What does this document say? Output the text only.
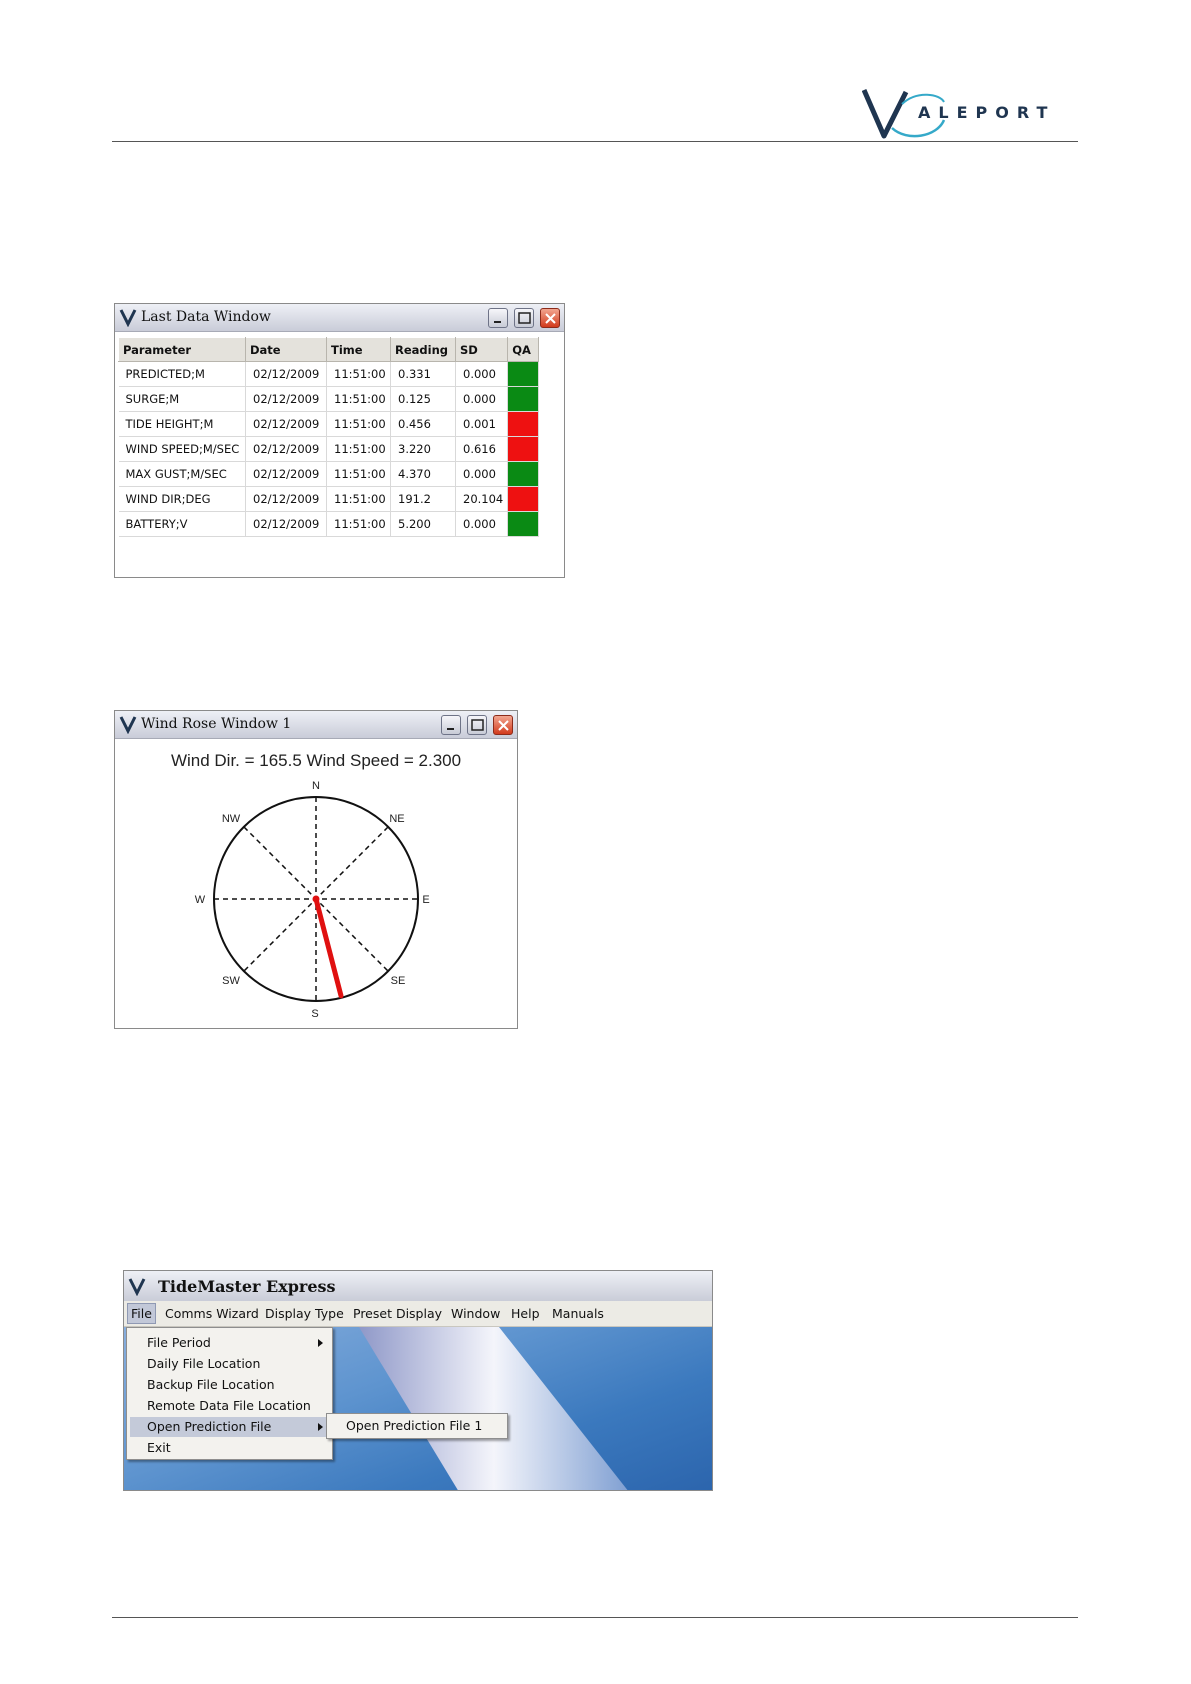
ALEPORT
Last Data Window
Parameter	Date	Time	Reading	SD	QA
PREDICTED;M	02/12/2009	11:51:00	0.331	0.000	

SURGE;M	02/12/2009	11:51:00	0.125	0.000	

TIDE HEIGHT;M	02/12/2009	11:51:00	0.456	0.001	

WIND SPEED;M/SEC	02/12/2009	11:51:00	3.220	0.616	

MAX GUST;M/SEC	02/12/2009	11:51:00	4.370	0.000	

WIND DIR;DEG	02/12/2009	11:51:00	191.2	20.104	

BATTERY;V	02/12/2009	11:51:00	5.200	0.000	
Wind Rose Window 1
Wind Dir. = 165.5 Wind Speed = 2.300
N
NE
E
SE
S
SW
W
NW
TideMaster Express
File	Comms Wizard Display Type Preset Display Window Help Manuals
File Period
Daily File Location
Backup File Location
Remote Data File Location
Open Prediction File
Exit
Open Prediction File 1
